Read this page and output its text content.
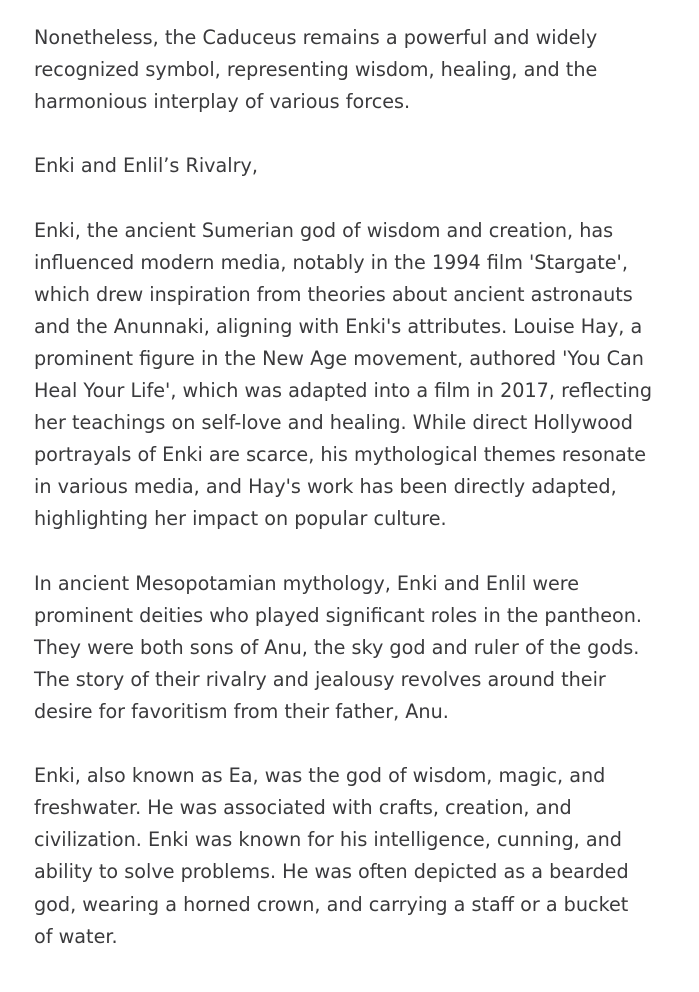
Nonetheless, the Caduceus remains a powerful and widely
recognized symbol, representing wisdom, healing, and the
harmonious interplay of various forces.

Enki and Enlil’s Rivalry,

Enki, the ancient Sumerian god of wisdom and creation, has
influenced modern media, notably in the 1994 film 'Stargate',
which drew inspiration from theories about ancient astronauts
and the Anunnaki, aligning with Enki's attributes. Louise Hay, a
prominent figure in the New Age movement, authored 'You Can
Heal Your Life', which was adapted into a film in 2017, reflecting
her teachings on self-love and healing. While direct Hollywood
portrayals of Enki are scarce, his mythological themes resonate
in various media, and Hay's work has been directly adapted,
highlighting her impact on popular culture.

In ancient Mesopotamian mythology, Enki and Enlil were
prominent deities who played significant roles in the pantheon.
They were both sons of Anu, the sky god and ruler of the gods.
The story of their rivalry and jealousy revolves around their
desire for favoritism from their father, Anu.

Enki, also known as Ea, was the god of wisdom, magic, and
freshwater. He was associated with crafts, creation, and
civilization. Enki was known for his intelligence, cunning, and
ability to solve problems. He was often depicted as a bearded
god, wearing a horned crown, and carrying a staff or a bucket
of water.
